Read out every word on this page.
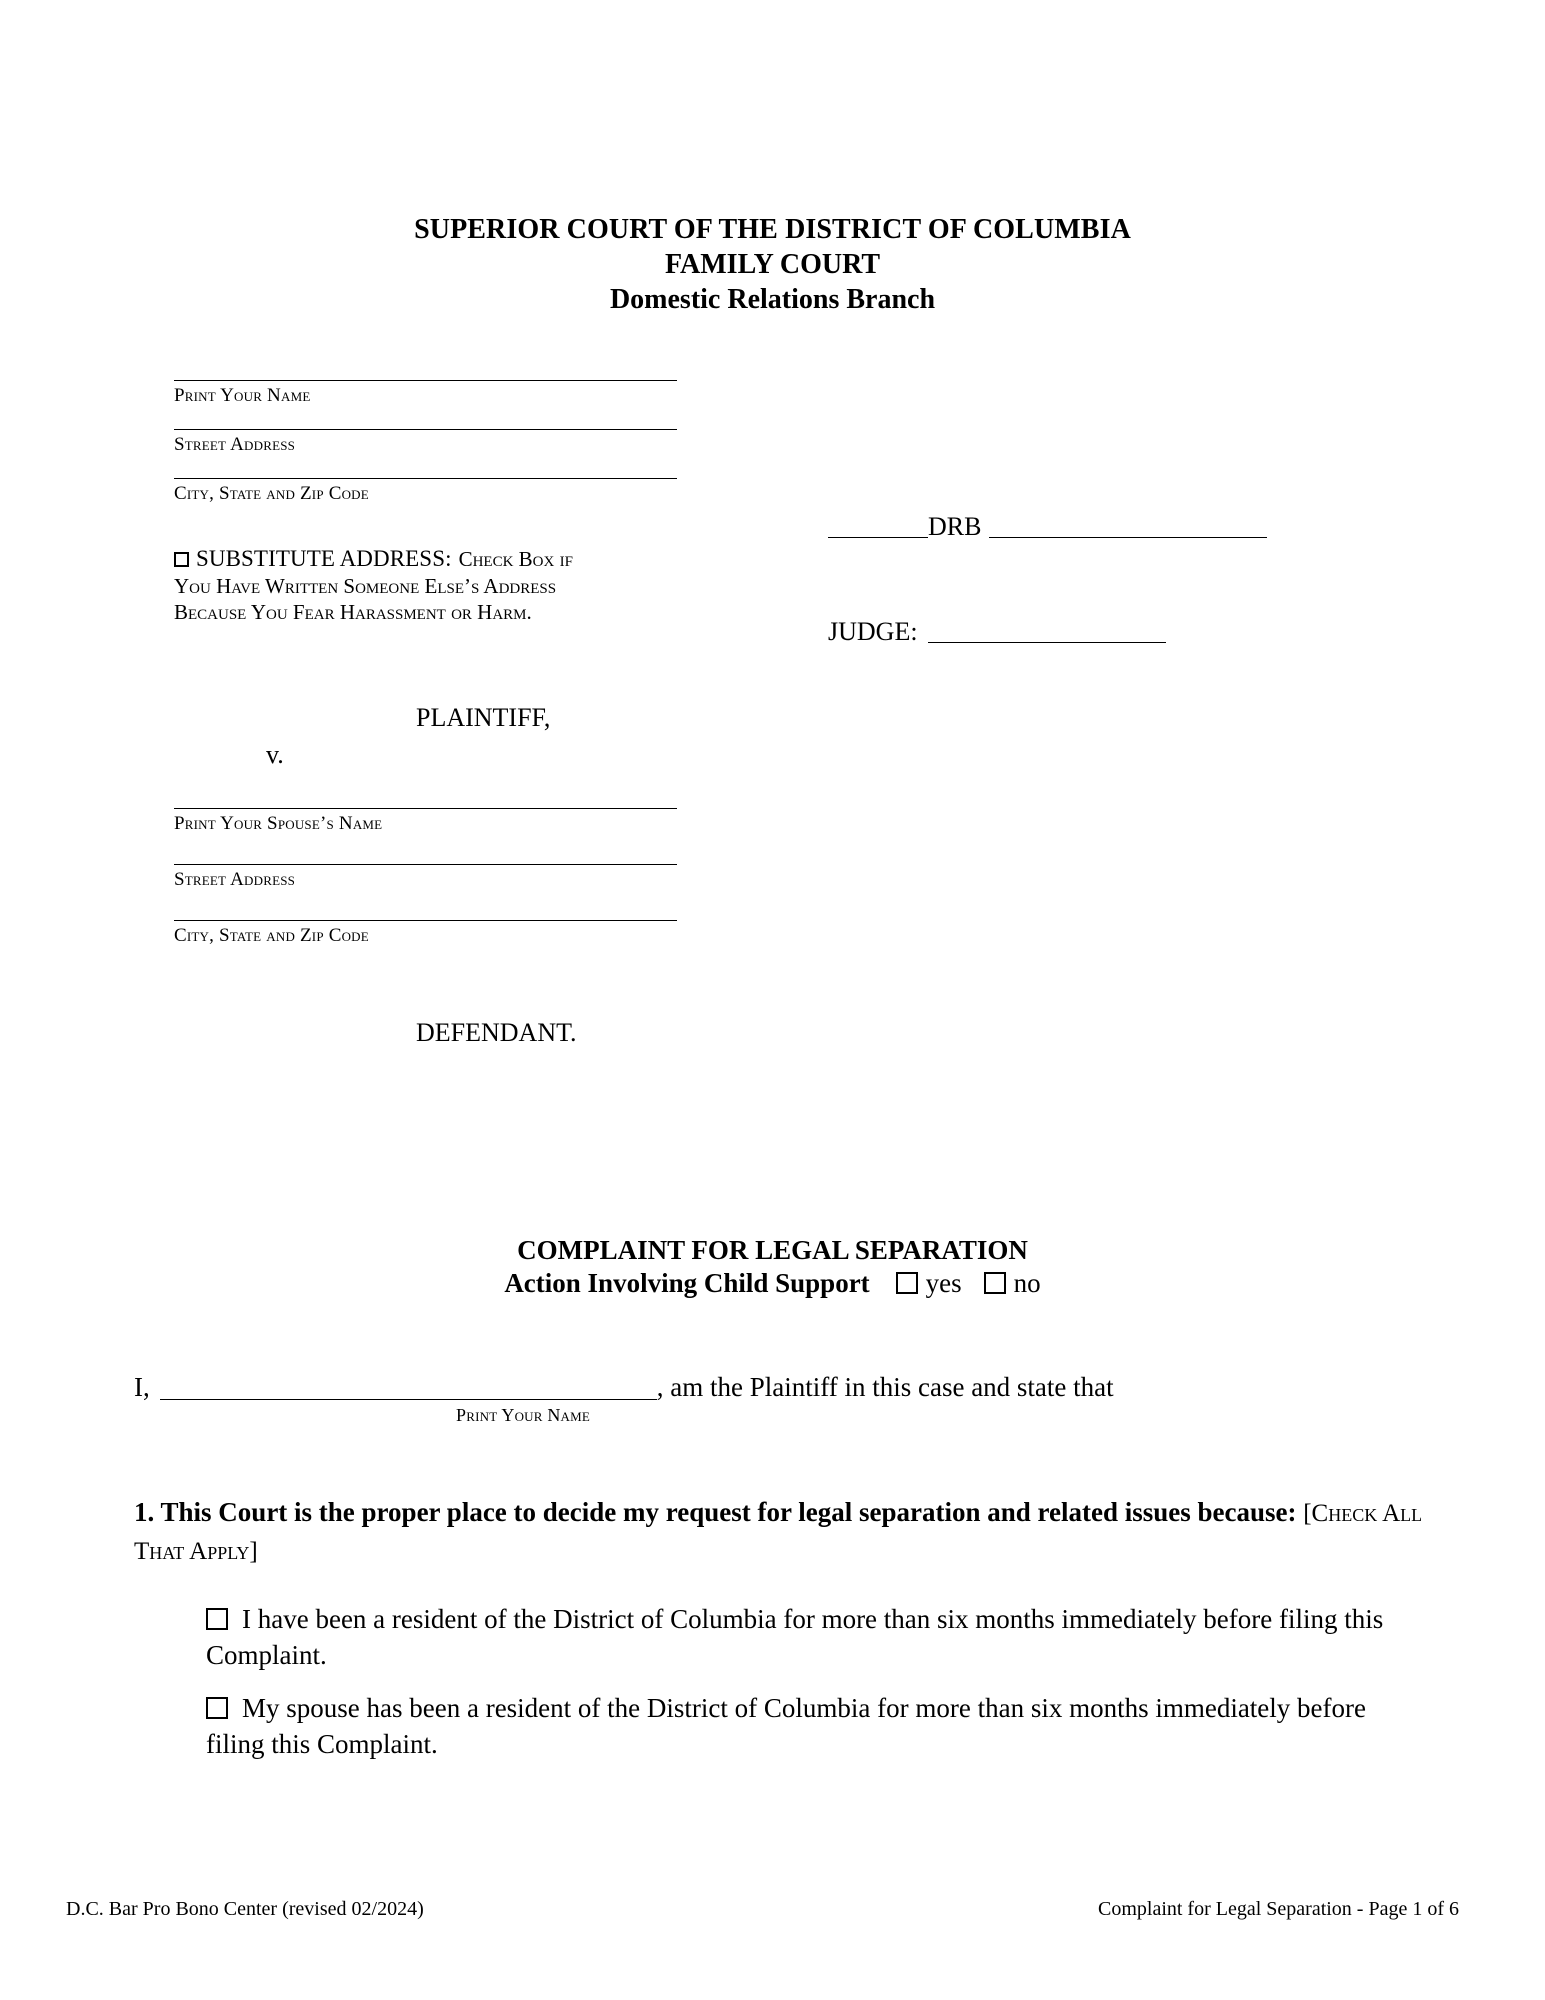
SUPERIOR COURT OF THE DISTRICT OF COLUMBIA
FAMILY COURT
Domestic Relations Branch
Print Your Name
Street Address
City, State and Zip Code
SUBSTITUTE ADDRESS: Check Box if
You Have Written Someone Else’s Address
Because You Fear Harassment or Harm.
PLAINTIFF,
v.
Print Your Spouse’s Name
Street Address
City, State and Zip Code
DEFENDANT.
DRB
JUDGE:
COMPLAINT FOR LEGAL SEPARATION
Action Involving Child Support yes no
I,	, am the Plaintiff in this case and state that
Print Your Name
1. This Court is the proper place to decide my request for legal separation and related issues because: [Check All That Apply]
I have been a resident of the District of Columbia for more than six months immediately before filing this Complaint.
My spouse has been a resident of the District of Columbia for more than six months immediately before filing this Complaint.
D.C. Bar Pro Bono Center (revised 02/2024)	Complaint for Legal Separation - Page 1 of 6
